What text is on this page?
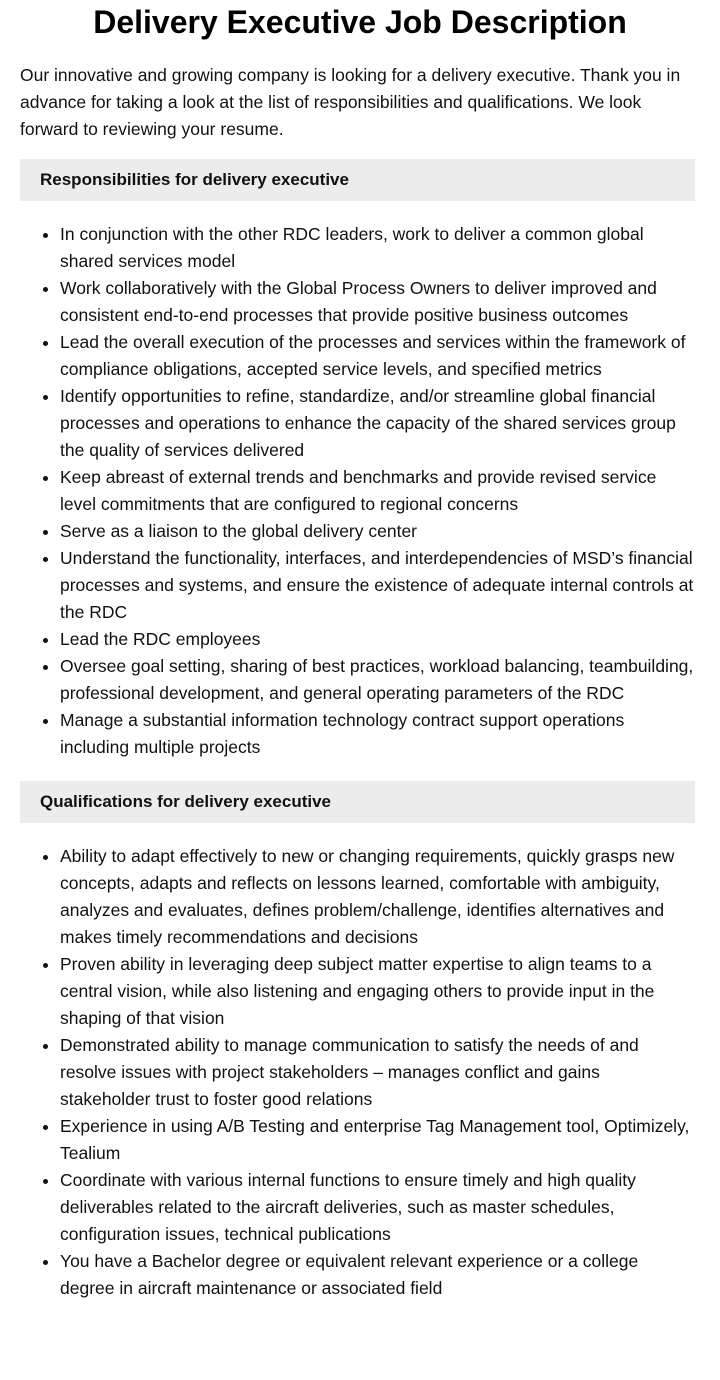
Delivery Executive Job Description

Our innovative and growing company is looking for a delivery executive. Thank you in advance for taking a look at the list of responsibilities and qualifications. We look forward to reviewing your resume.

Responsibilities for delivery executive
• In conjunction with the other RDC leaders, work to deliver a common global shared services model
• Work collaboratively with the Global Process Owners to deliver improved and consistent end-to-end processes that provide positive business outcomes
• Lead the overall execution of the processes and services within the framework of compliance obligations, accepted service levels, and specified metrics
• Identify opportunities to refine, standardize, and/or streamline global financial processes and operations to enhance the capacity of the shared services group the quality of services delivered
• Keep abreast of external trends and benchmarks and provide revised service level commitments that are configured to regional concerns
• Serve as a liaison to the global delivery center
• Understand the functionality, interfaces, and interdependencies of MSD’s financial processes and systems, and ensure the existence of adequate internal controls at the RDC
• Lead the RDC employees
• Oversee goal setting, sharing of best practices, workload balancing, teambuilding, professional development, and general operating parameters of the RDC
• Manage a substantial information technology contract support operations including multiple projects
Qualifications for delivery executive
• Ability to adapt effectively to new or changing requirements, quickly grasps new concepts, adapts and reflects on lessons learned, comfortable with ambiguity, analyzes and evaluates, defines problem/challenge, identifies alternatives and makes timely recommendations and decisions
• Proven ability in leveraging deep subject matter expertise to align teams to a central vision, while also listening and engaging others to provide input in the shaping of that vision
• Demonstrated ability to manage communication to satisfy the needs of and resolve issues with project stakeholders – manages conflict and gains stakeholder trust to foster good relations
• Experience in using A/B Testing and enterprise Tag Management tool, Optimizely, Tealium
• Coordinate with various internal functions to ensure timely and high quality deliverables related to the aircraft deliveries, such as master schedules, configuration issues, technical publications
• You have a Bachelor degree or equivalent relevant experience or a college degree in aircraft maintenance or associated field
